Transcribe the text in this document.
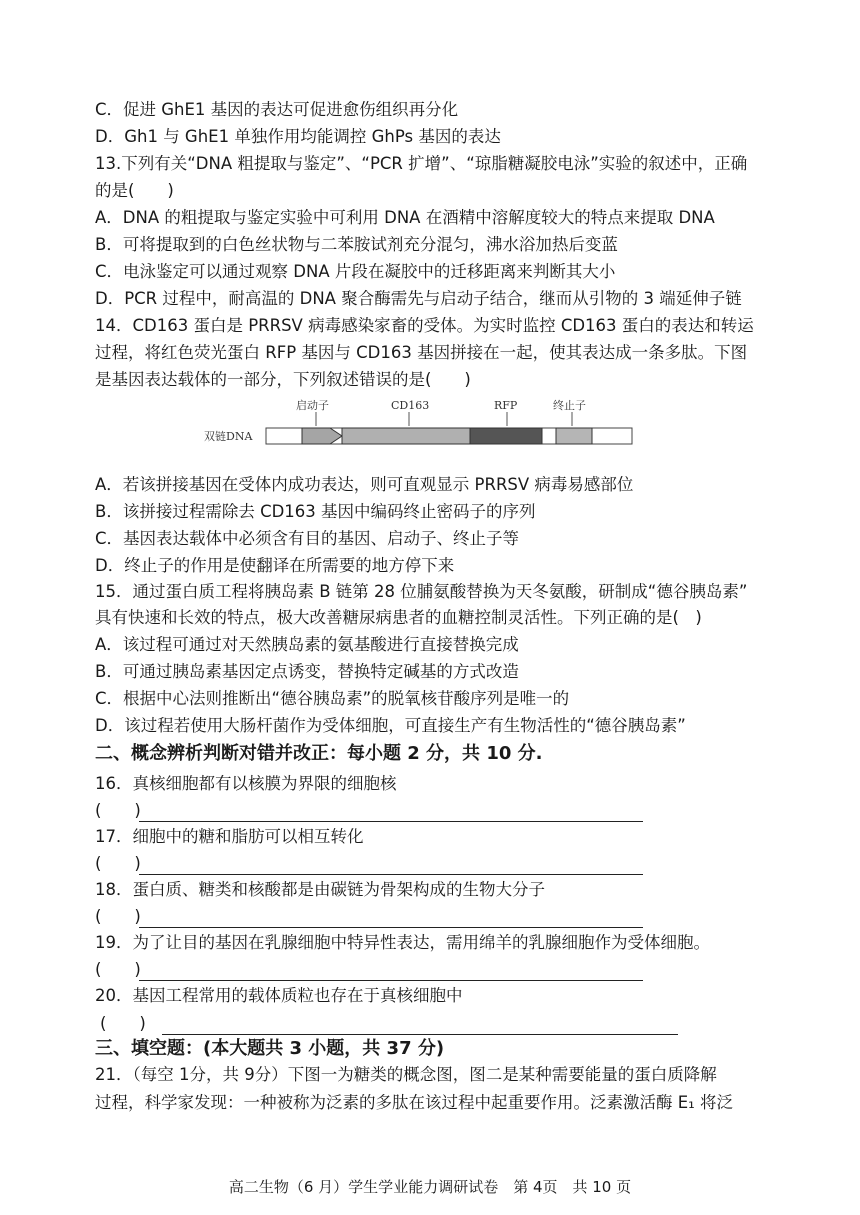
C．促进 GhE1 基因的表达可促进愈伤组织再分化
D．Gh1 与 GhE1 单独作用均能调控 GhPs 基因的表达
13.下列有关“DNA 粗提取与鉴定”、“PCR 扩增”、“琼脂糖凝胶电泳”实验的叙述中，正确
的是(　　)
A．DNA 的粗提取与鉴定实验中可利用 DNA 在酒精中溶解度较大的特点来提取 DNA
B．可将提取到的白色丝状物与二苯胺试剂充分混匀，沸水浴加热后变蓝
C．电泳鉴定可以通过观察 DNA 片段在凝胶中的迁移距离来判断其大小
D．PCR 过程中，耐高温的 DNA 聚合酶需先与启动子结合，继而从引物的 3 端延伸子链
14．CD163 蛋白是 PRRSV 病毒感染家畜的受体。为实时监控 CD163 蛋白的表达和转运
过程，将红色荧光蛋白 RFP 基因与 CD163 基因拼接在一起，使其表达成一条多肽。下图
是基因表达载体的一部分，下列叙述错误的是(　　)
启动子	CD163	RFP	终止子
双链DNA
A．若该拼接基因在受体内成功表达，则可直观显示 PRRSV 病毒易感部位
B．该拼接过程需除去 CD163 基因中编码终止密码子的序列
C．基因表达载体中必须含有目的基因、启动子、终止子等
D．终止子的作用是使翻译在所需要的地方停下来
15．通过蛋白质工程将胰岛素 B 链第 28 位脯氨酸替换为天冬氨酸，研制成“德谷胰岛素”
具有快速和长效的特点，极大改善糖尿病患者的血糖控制灵活性。下列正确的是(　)
A．该过程可通过对天然胰岛素的氨基酸进行直接替换完成
B．可通过胰岛素基因定点诱变，替换特定碱基的方式改造
C．根据中心法则推断出“德谷胰岛素”的脱氧核苷酸序列是唯一的
D．该过程若使用大肠杆菌作为受体细胞，可直接生产有生物活性的“德谷胰岛素”
二、概念辨析判断对错并改正：每小题 2 分，共 10 分.
16．真核细胞都有以核膜为界限的细胞核
(　　)
17．细胞中的糖和脂肪可以相互转化
(　　)
18．蛋白质、糖类和核酸都是由碳链为骨架构成的生物大分子
(　　)
19．为了让目的基因在乳腺细胞中特异性表达，需用绵羊的乳腺细胞作为受体细胞。
(　　)
20．基因工程常用的载体质粒也存在于真核细胞中
(　　)
三、填空题：(本大题共 3 小题，共 37 分)
21．（每空 1分，共 9分）下图一为糖类的概念图，图二是某种需要能量的蛋白质降解
过程，科学家发现：一种被称为泛素的多肽在该过程中起重要作用。泛素激活酶 E₁ 将泛
高二生物（6 月）学生学业能力调研试卷　第 4页　共 10 页
